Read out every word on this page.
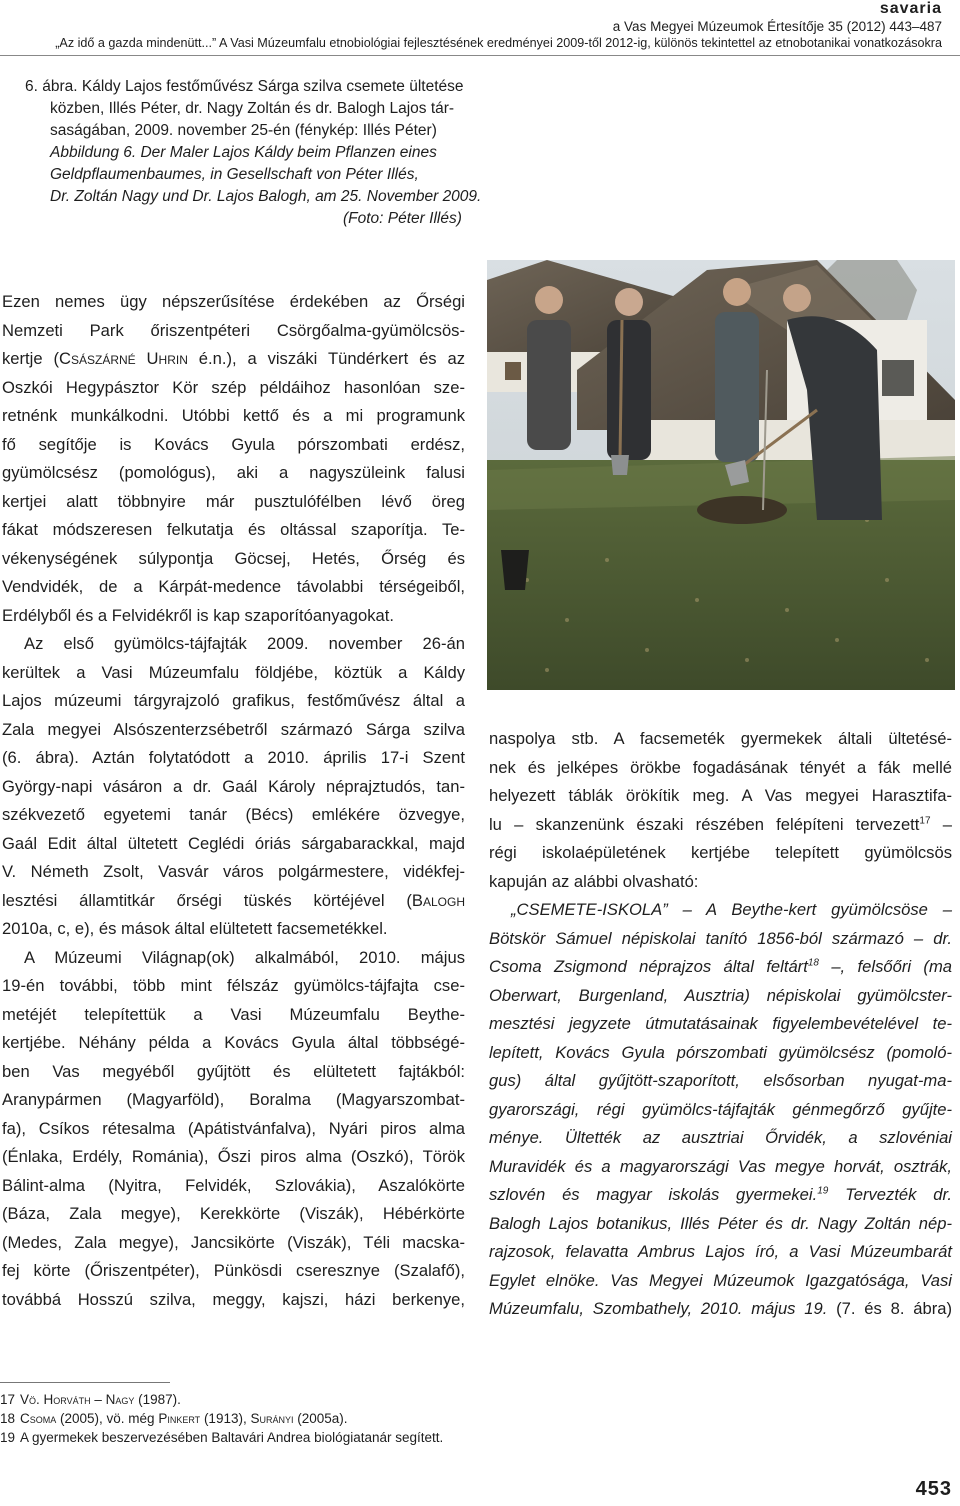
savaria
a Vas Megyei Múzeumok Értesítője 35 (2012) 443–487
„Az idő a gazda mindenütt...” A Vasi Múzeumfalu etnobiológiai fejlesztésének eredményei 2009-től 2012-ig, különös tekintettel az etnobotanikai vonatkozásokra
6. ábra. Káldy Lajos festőművész Sárga szilva csemete ültetése
közben, Illés Péter, dr. Nagy Zoltán és dr. Balogh Lajos tár-
saságában, 2009. november 25-én (fénykép: Illés Péter)
Abbildung 6. Der Maler Lajos Káldy beim Pflanzen eines
Geldpflaumenbaumes, in Gesellschaft von Péter Illés,
Dr. Zoltán Nagy und Dr. Lajos Balogh, am 25. November 2009.
(Foto: Péter Illés)

Ezen nemes ügy népszerűsítése érdekében az Őrségi
Nemzeti Park őriszentpéteri Csörgőalma-gyümölcsös-
kertje (Császárné Uhrin é.n.), a viszáki Tündérkert és az
Oszkói Hegypásztor Kör szép példáihoz hasonlóan sze-
retnénk munkálkodni. Utóbbi kettő és a mi programunk
fő segítője is Kovács Gyula pórszombati erdész,
gyümölcsész (pomológus), aki a nagyszüleink falusi
kertjei alatt többnyire már pusztulófélben lévő öreg
fákat módszeresen felkutatja és oltással szaporítja. Te-
vékenységének súlypontja Göcsej, Hetés, Őrség és
Vendvidék, de a Kárpát-medence távolabbi térségeiből,
Erdélyből és a Felvidékről is kap szaporítóanyagokat.

Az első gyümölcs-tájfajták 2009. november 26-án
kerültek a Vasi Múzeumfalu földjébe, köztük a Káldy
Lajos múzeumi tárgyrajzoló grafikus, festőművész által a
Zala megyei Alsószenterzsébetről származó Sárga szilva
(6. ábra). Aztán folytatódott a 2010. április 17-i Szent
György-napi vásáron a dr. Gaál Károly néprajztudós, tan-
székvezető egyetemi tanár (Bécs) emlékére özvegye,
Gaál Edit által ültetett Ceglédi óriás sárgabarackkal, majd
V. Németh Zsolt, Vasvár város polgármestere, vidékfej-
lesztési államtitkár őrségi tüskés körtéjével (Balogh
2010a, c, e), és mások által elültetett facsemetékkel.

A Múzeumi Világnap(ok) alkalmából, 2010. május
19-én további, több mint félszáz gyümölcs-tájfajta cse-
metéjét telepítettük a Vasi Múzeumfalu Beythe-
kertjébe. Néhány példa a Kovács Gyula által többségé-
ben Vas megyéből gyűjtött és elültetett fajtákból:
Aranypármen (Magyarföld), Boralma (Magyarszombat-
fa), Csíkos rétesalma (Apátistvánfalva), Nyári piros alma
(Énlaka, Erdély, Románia), Őszi piros alma (Oszkó), Török
Bálint-alma (Nyitra, Felvidék, Szlovákia), Aszalókörte
(Báza, Zala megye), Kerekkörte (Viszák), Hébérkörte
(Medes, Zala megye), Jancsikörte (Viszák), Téli macska-
fej körte (Őriszentpéter), Pünkösdi cseresznye (Szalafő),
továbbá Hosszú szilva, meggy, kajszi, házi berkenye,

naspolya stb. A facsemeték gyermekek általi ültetésé-
nek és jelképes örökbe fogadásának tényét a fák mellé
helyezett táblák örökítik meg. A Vas megyei Harasztifa-
lu – skanzenünk északi részében felépíteni tervezett$^{17}$ –
régi iskolaépületének kertjébe telepített gyümölcsös
kapuján az alábbi olvasható:

„CSEMETE-ISKOLA” – A Beythe-kert gyümölcsöse –
Bötskör Sámuel népiskolai tanító 1856-ból származó – dr.
Csoma Zsigmond néprajzos által feltárt$^{18}$ –, felsőőri (ma
Oberwart, Burgenland, Ausztria) népiskolai gyümölcster-
mesztési jegyzete útmutatásainak figyelembevételével te-
lepített, Kovács Gyula pórszombati gyümölcsész (pomoló-
gus) által gyűjtött-szaporított, elsősorban nyugat-ma-
gyarországi, régi gyümölcs-tájfajták génmegőrző gyűjte-
ménye. Ültették az ausztriai Őrvidék, a szlovéniai
Muravidék és a magyarországi Vas megye horvát, osztrák,
szlovén és magyar iskolás gyermekei.$^{19}$ Tervezték dr.
Balogh Lajos botanikus, Illés Péter és dr. Nagy Zoltán nép-
rajzosok, felavatta Ambrus Lajos író, a Vasi Múzeumbarát
Egylet elnöke. Vas Megyei Múzeumok Igazgatósága, Vasi
Múzeumfalu, Szombathely, 2010. május 19. (7. és 8. ábra)

17 Vö. Horváth – Nagy (1987).
18 Csoma (2005), vö. még Pinkert (1913), Surányi (2005a).
19 A gyermekek beszervezésében Baltavári Andrea biológiatanár segített.
453
